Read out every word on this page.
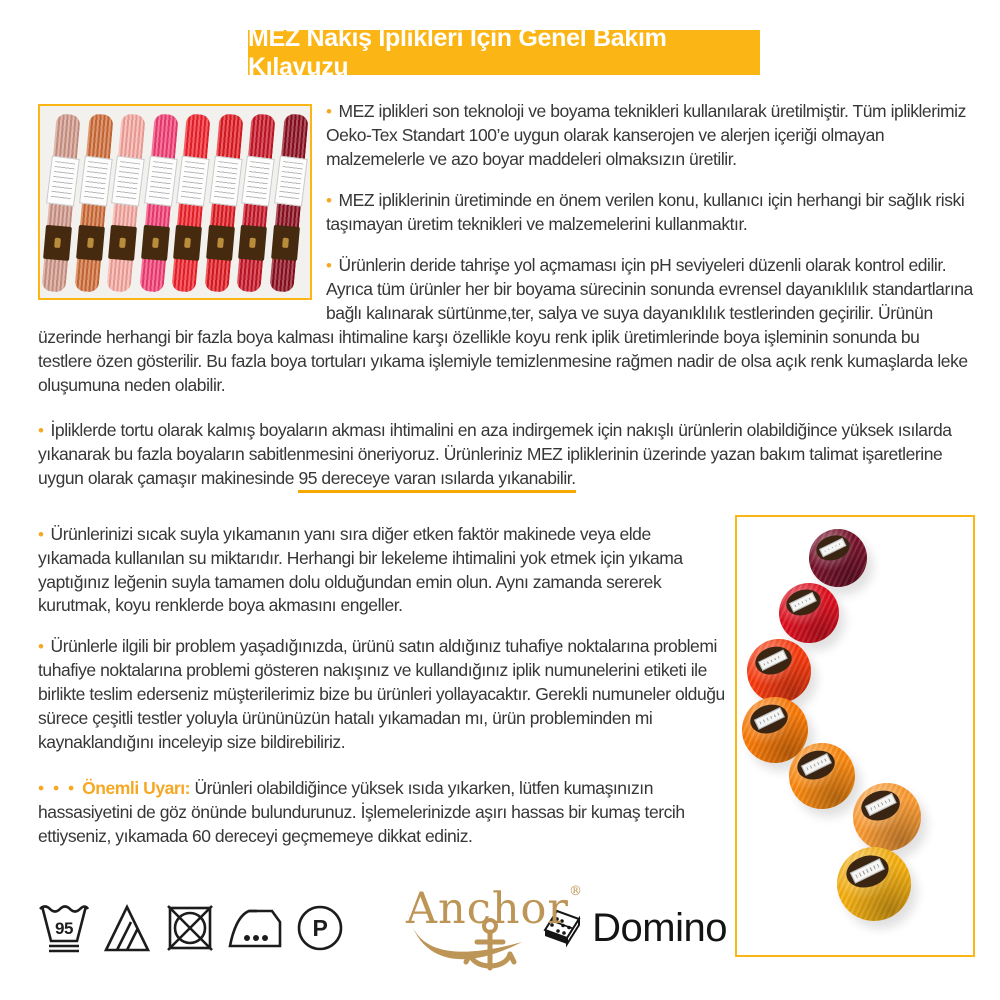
MEZ Nakış İplikleri İçin Genel Bakım Kılavuzu

• MEZ iplikleri son teknoloji ve boyama teknikleri kullanılarak üretilmiştir. Tüm ipliklerimiz Oeko-Tex Standart 100’e uygun olarak kanserojen ve alerjen içeriği olmayan malzemelerle ve azo boyar maddeleri olmaksızın üretilir.

• MEZ ipliklerinin üretiminde en önem verilen konu, kullanıcı için herhangi bir sağlık riski taşımayan üretim teknikleri ve malzemelerini kullanmaktır.

• Ürünlerin deride tahrişe yol açmaması için pH seviyeleri düzenli olarak kontrol edilir. Ayrıca tüm ürünler her bir boyama sürecinin sonunda evrensel dayanıklılık standartlarına bağlı kalınarak sürtünme,ter, salya ve suya dayanıklılık testlerinden geçirilir. Ürünün üzerinde herhangi bir fazla boya kalması ihtimaline karşı özellikle koyu renk iplik üretimlerinde boya işleminin sonunda bu testlere özen gösterilir. Bu fazla boya tortuları yıkama işlemiyle temizlenmesine rağmen nadir de olsa açık renk kumaşlarda leke oluşumuna neden olabilir.

• İpliklerde tortu olarak kalmış boyaların akması ihtimalini en aza indirgemek için nakışlı ürünlerin olabildiğince yüksek ısılarda yıkanarak bu fazla boyaların sabitlenmesini öneriyoruz. Ürünleriniz MEZ ipliklerinin üzerinde yazan bakım talimat işaretlerine uygun olarak çamaşır makinesinde 95 dereceye varan ısılarda yıkanabilir.

• Ürünlerinizi sıcak suyla yıkamanın yanı sıra diğer etken faktör makinede veya elde yıkamada kullanılan su miktarıdır. Herhangi bir lekeleme ihtimalini yok etmek için yıkama yaptığınız leğenin suyla tamamen dolu olduğundan emin olun. Aynı zamanda sererek kurutmak, koyu renklerde boya akmasını engeller.

• Ürünlerle ilgili bir problem yaşadığınızda, ürünü satın aldığınız tuhafiye noktalarına problemi tuhafiye noktalarına problemi gösteren nakışınız ve kullandığınız iplik numunelerini etiketi ile birlikte teslim ederseniz müşterilerimiz bize bu ürünleri yollayacaktır. Gerekli numuneler olduğu sürece çeşitli testler yoluyla ürününüzün hatalı yıkamadan mı, ürün probleminden mi kaynaklandığını inceleyip size bildirebiliriz.

• • • Önemli Uyarı: Ürünleri olabildiğince yüksek ısıda yıkarken, lütfen kumaşınızın hassasiyetini de göz önünde bulundurunuz. İşlemelerinizde aşırı hassas bir kumaş tercih ettiyseniz, yıkamada 60 dereceyi geçmemeye dikkat ediniz.

95	P Anchor®
Domino
